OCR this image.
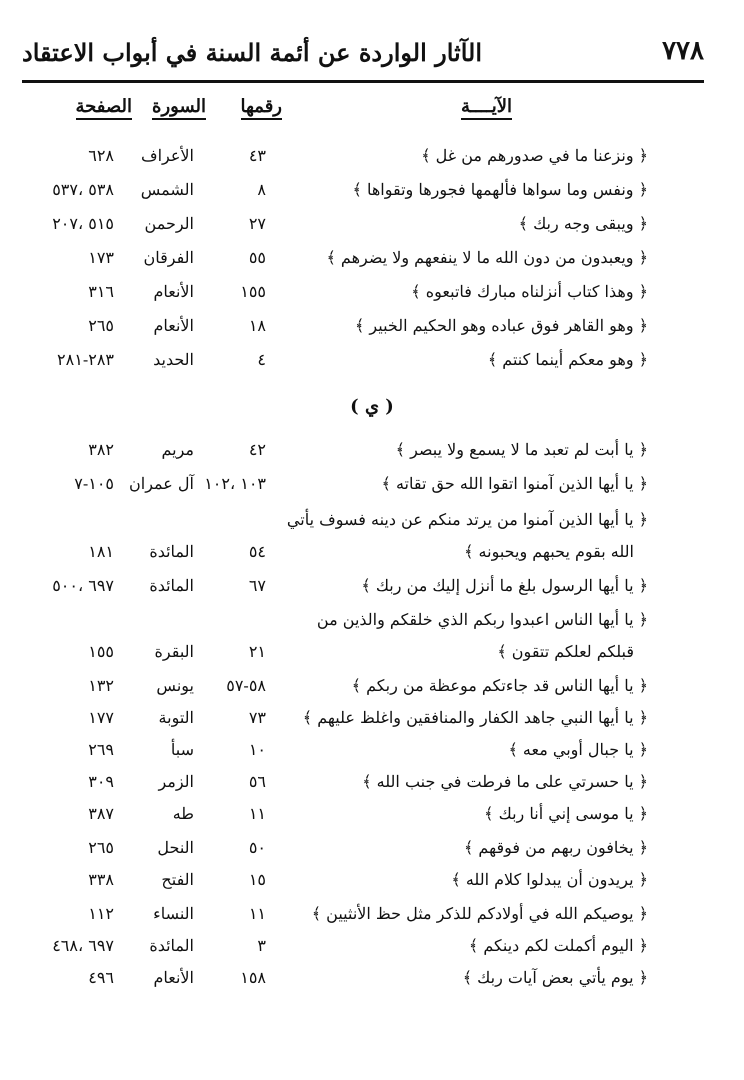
٧٧٨
الآثار الواردة عن أئمة السنة في أبواب الاعتقاد
الآيــــة
رقمها
السورة
الصفحة
﴿ ونزعنا ما في صدورهم من غل ﴾
٤٣
الأعراف
٦٢٨
﴿ ونفس وما سواها فألهمها فجورها وتقواها ﴾
٨
الشمس
٥٣٨ ،٥٣٧
﴿ ويبقى وجه ربك ﴾
٢٧
الرحمن
٥١٥ ،٢٠٧
﴿ ويعبدون من دون الله ما لا ينفعهم ولا يضرهم ﴾
٥٥
الفرقان
١٧٣
﴿ وهذا كتاب أنزلناه مبارك فاتبعوه ﴾
١٥٥
الأنعام
٣١٦
﴿ وهو القاهر فوق عباده وهو الحكيم الخبير ﴾
١٨
الأنعام
٢٦٥
﴿ وهو معكم أينما كنتم ﴾
٤
الحديد
٢٨٣-٢٨١
( ي )
﴿ يا أبت لم تعبد ما لا يسمع ولا يبصر ﴾
٤٢
مريم
٣٨٢
﴿ يا أيها الذين آمنوا اتقوا الله حق تقاته ﴾
١٠٣ ،١٠٢
آل عمران
١٠٥-٧
﴿ يا أيها الذين آمنوا من يرتد منكم عن دينه فسوف يأتي
الله بقوم يحبهم ويحبونه ﴾
٥٤
المائدة
١٨١
﴿ يا أيها الرسول بلغ ما أنزل إليك من ربك ﴾
٦٧
المائدة
٦٩٧ ،٥٠٠
﴿ يا أيها الناس اعبدوا ربكم الذي خلقكم والذين من
قبلكم لعلكم تتقون ﴾
٢١
البقرة
١٥٥
﴿ يا أيها الناس قد جاءتكم موعظة من ربكم ﴾
٥٨-٥٧
يونس
١٣٢
﴿ يا أيها النبي جاهد الكفار والمنافقين واغلظ عليهم ﴾
٧٣
التوبة
١٧٧
﴿ يا جبال أوبي معه ﴾
١٠
سبأ
٢٦٩
﴿ يا حسرتي على ما فرطت في جنب الله ﴾
٥٦
الزمر
٣٠٩
﴿ يا موسى إني أنا ربك ﴾
١١
طه
٣٨٧
﴿ يخافون ربهم من فوقهم ﴾
٥٠
النحل
٢٦٥
﴿ يريدون أن يبدلوا كلام الله ﴾
١٥
الفتح
٣٣٨
﴿ يوصيكم الله في أولادكم للذكر مثل حظ الأنثيين ﴾
١١
النساء
١١٢
﴿ اليوم أكملت لكم دينكم ﴾
٣
المائدة
٦٩٧ ،٤٦٨
﴿ يوم يأتي بعض آيات ربك ﴾
١٥٨
الأنعام
٤٩٦
